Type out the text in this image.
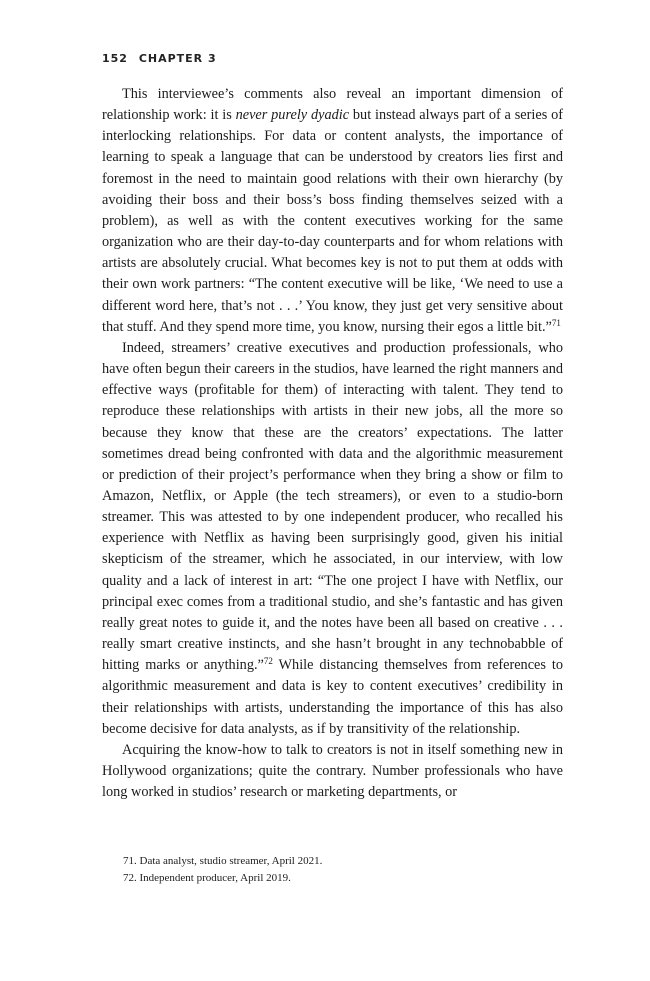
152 CHAPTER 3

This interviewee’s comments also reveal an important dimension of relationship work: it is never purely dyadic but instead always part of a series of interlocking relationships. For data or content analysts, the importance of learning to speak a language that can be understood by creators lies first and foremost in the need to maintain good relations with their own hierarchy (by avoiding their boss and their boss’s boss finding themselves seized with a problem), as well as with the content executives working for the same organization who are their day-to-day counterparts and for whom relations with artists are absolutely crucial. What becomes key is not to put them at odds with their own work partners: “The content executive will be like, ‘We need to use a different word here, that’s not . . .’ You know, they just get very sensitive about that stuff. And they spend more time, you know, nursing their egos a little bit.”$^{71}$

Indeed, streamers’ creative executives and production professionals, who have often begun their careers in the studios, have learned the right manners and effective ways (profitable for them) of interacting with talent. They tend to reproduce these relationships with artists in their new jobs, all the more so because they know that these are the creators’ expectations. The latter sometimes dread being confronted with data and the algorithmic measurement or prediction of their project’s performance when they bring a show or film to Amazon, Netflix, or Apple (the tech streamers), or even to a studio-born streamer. This was attested to by one independent producer, who recalled his experience with Netflix as having been surprisingly good, given his initial skepticism of the streamer, which he associated, in our interview, with low quality and a lack of interest in art: “The one project I have with Netflix, our principal exec comes from a traditional studio, and she’s fantastic and has given really great notes to guide it, and the notes have been all based on creative . . . really smart creative instincts, and she hasn’t brought in any technobabble of hitting marks or anything.”$^{72}$ While distancing themselves from references to algorithmic measurement and data is key to content executives’ credibility in their relationships with artists, understanding the importance of this has also become decisive for data analysts, as if by transitivity of the relationship.

Acquiring the know-how to talk to creators is not in itself something new in Hollywood organizations; quite the contrary. Number professionals who have long worked in studios’ research or marketing departments, or

71. Data analyst, studio streamer, April 2021.

72. Independent producer, April 2019.
